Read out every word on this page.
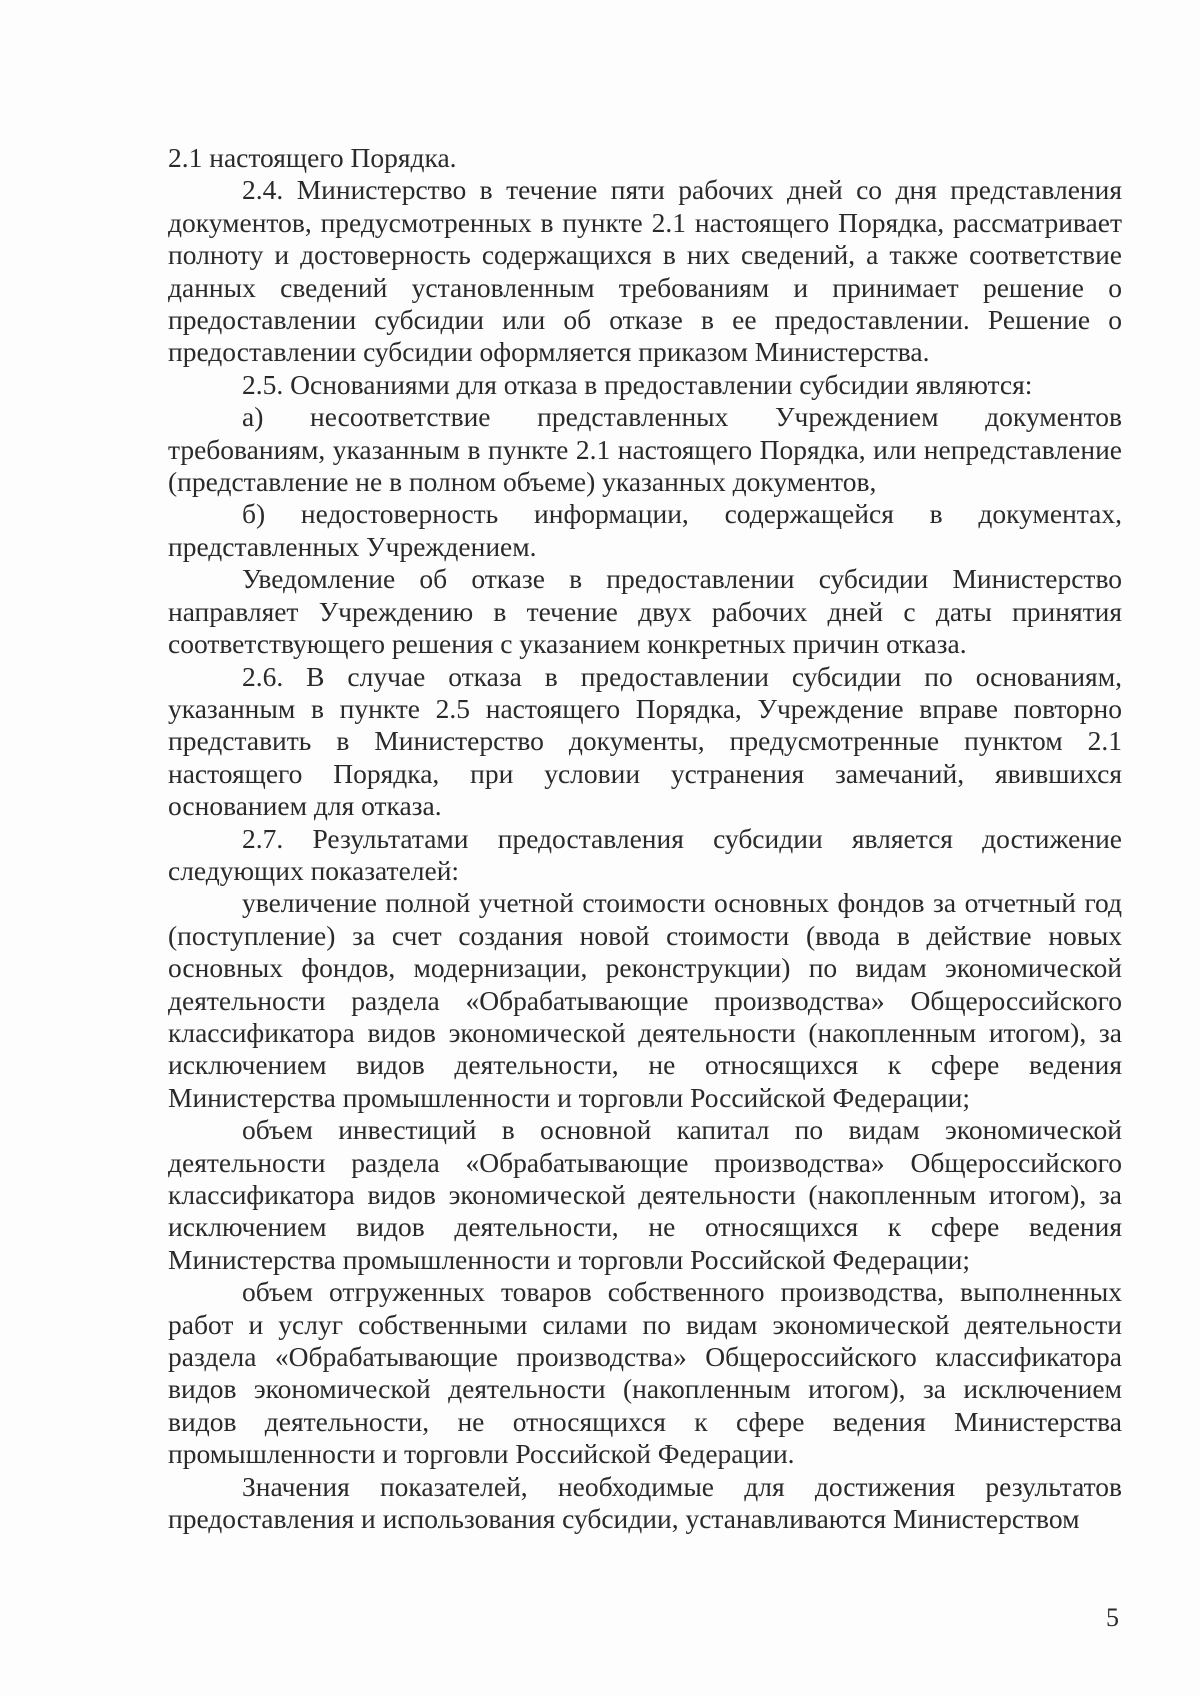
2.1 настоящего Порядка.

2.4. Министерство в течение пяти рабочих дней со дня представления документов, предусмотренных в пункте 2.1 настоящего Порядка, рассматривает полноту и достоверность содержащихся в них сведений, а также соответствие данных сведений установленным требованиям и принимает решение о предоставлении субсидии или об отказе в ее предоставлении. Решение о предоставлении субсидии оформляется приказом Министерства.

2.5. Основаниями для отказа в предоставлении субсидии являются:

а) несоответствие представленных Учреждением документов требованиям, указанным в пункте 2.1 настоящего Порядка, или непредставление (представление не в полном объеме) указанных документов,

б) недостоверность информации, содержащейся в документах, представленных Учреждением.

Уведомление об отказе в предоставлении субсидии Министерство направляет Учреждению в течение двух рабочих дней с даты принятия соответствующего решения с указанием конкретных причин отказа.

2.6. В случае отказа в предоставлении субсидии по основаниям, указанным в пункте 2.5 настоящего Порядка, Учреждение вправе повторно представить в Министерство документы, предусмотренные пунктом 2.1 настоящего Порядка, при условии устранения замечаний, явившихся основанием для отказа.

2.7. Результатами предоставления субсидии является достижение следующих показателей:

увеличение полной учетной стоимости основных фондов за отчетный год (поступление) за счет создания новой стоимости (ввода в действие новых основных фондов, модернизации, реконструкции) по видам экономической деятельности раздела «Обрабатывающие производства» Общероссийского классификатора видов экономической деятельности (накопленным итогом), за исключением видов деятельности, не относящихся к сфере ведения Министерства промышленности и торговли Российской Федерации;

объем инвестиций в основной капитал по видам экономической деятельности раздела «Обрабатывающие производства» Общероссийского классификатора видов экономической деятельности (накопленным итогом), за исключением видов деятельности, не относящихся к сфере ведения Министерства промышленности и торговли Российской Федерации;

объем отгруженных товаров собственного производства, выполненных работ и услуг собственными силами по видам экономической деятельности раздела «Обрабатывающие производства» Общероссийского классификатора видов экономической деятельности (накопленным итогом), за исключением видов деятельности, не относящихся к сфере ведения Министерства промышленности и торговли Российской Федерации.

Значения показателей, необходимые для достижения результатов предоставления и использования субсидии, устанавливаются Министерством

5
